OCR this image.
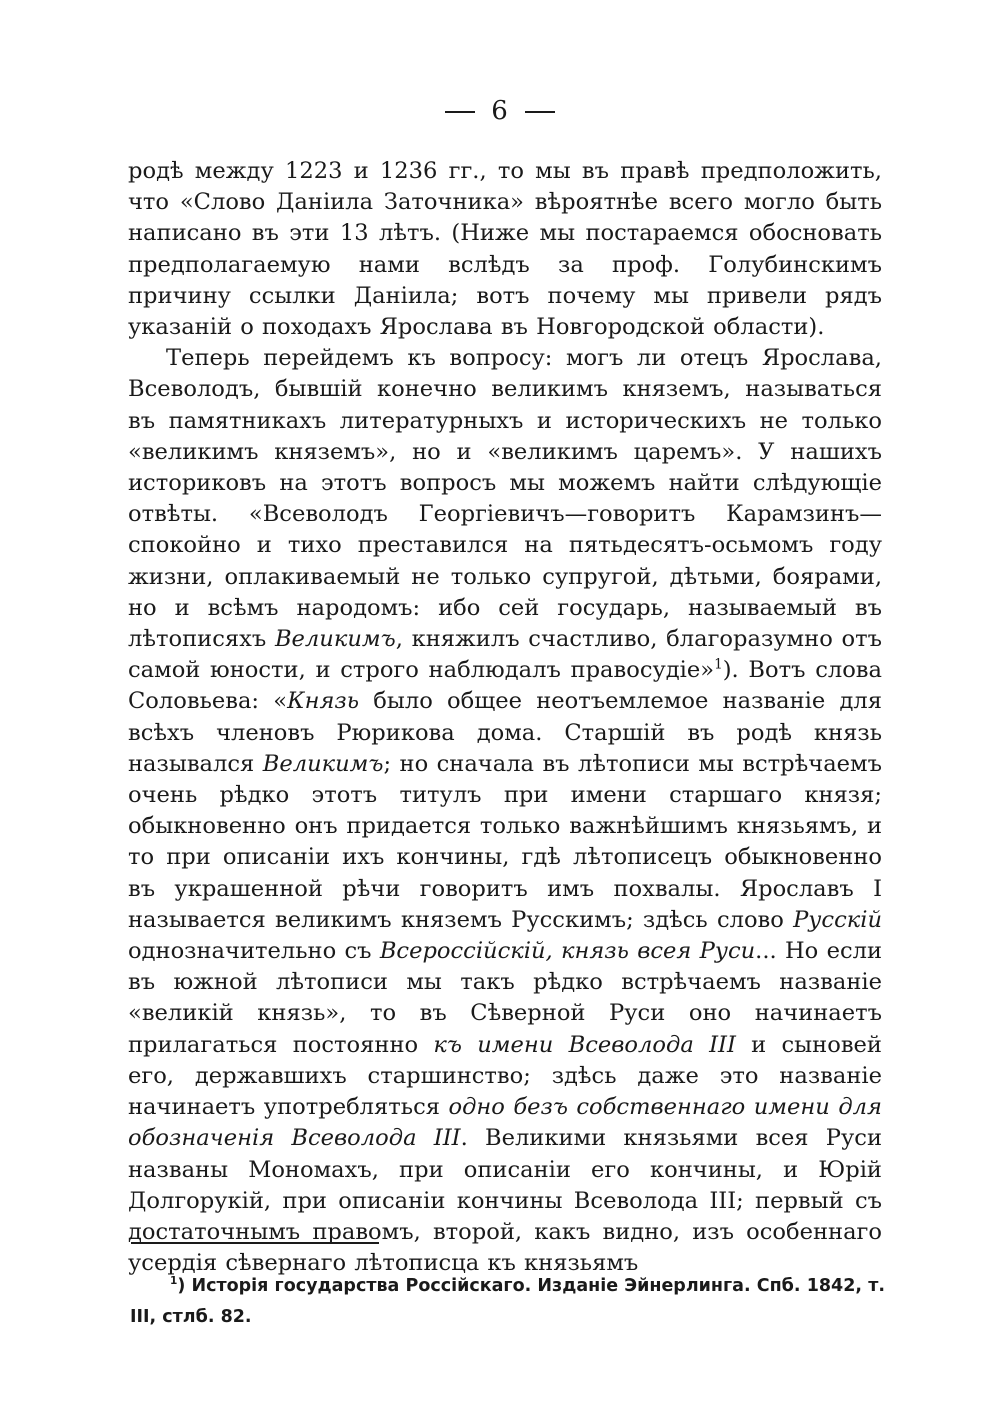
6

родѣ между 1223 и 1236 гг., то мы въ правѣ предположить, что «Слово Даніила Заточника» вѣроятнѣе всего могло быть написано въ эти 13 лѣтъ. (Ниже мы постараемся обосновать предполагаемую нами вслѣдъ за проф. Голубинскимъ причину ссылки Даніила; вотъ почему мы привели рядъ указаній о походахъ Ярослава въ Новгородской области).

Теперь перейдемъ къ вопросу: могъ ли отецъ Ярослава, Всеволодъ, бывшій конечно великимъ княземъ, называться въ памятникахъ литературныхъ и историческихъ не только «великимъ княземъ», но и «великимъ царемъ». У нашихъ историковъ на этотъ вопросъ мы можемъ найти слѣдующіе отвѣты. «Всеволодъ Георгіевичъ—говоритъ Карамзинъ—спокойно и тихо преставился на пятьдесятъ-осьмомъ году жизни, оплакиваемый не только супругой, дѣтьми, боярами, но и всѣмъ народомъ: ибо сей государь, называемый въ лѣтописяхъ Великимъ, княжилъ счастливо, благоразумно отъ самой юности, и строго наблюдалъ правосудіе»$^1$). Вотъ слова Соловьева: «Князь было общее неотъемлемое названіе для всѣхъ членовъ Рюрикова дома. Старшій въ родѣ князь назывался Великимъ; но сначала въ лѣтописи мы встрѣчаемъ очень рѣдко этотъ титулъ при имени старшаго князя; обыкновенно онъ придается только важнѣйшимъ князьямъ, и то при описаніи ихъ кончины, гдѣ лѣтописецъ обыкновенно въ украшенной рѣчи говоритъ имъ похвалы. Ярославъ I называется великимъ княземъ Русскимъ; здѣсь слово Русскій однозначительно съ Всероссійскій, князь всея Руси... Но если въ южной лѣтописи мы такъ рѣдко встрѣчаемъ названіе «великій князь», то въ Сѣверной Руси оно начинаетъ прилагаться постоянно къ имени Всеволода III и сыновей его, державшихъ старшинство; здѣсь даже это названіе начинаетъ употребляться одно безъ собственнаго имени для обозначенія Всеволода III. Великими князьями всея Руси названы Мономахъ, при описаніи его кончины, и Юрій Долгорукій, при описаніи кончины Всеволода III; первый съ достаточнымъ правомъ, второй, какъ видно, изъ особеннаго усердія сѣвернаго лѣтописца къ князьямъ

$^1$) Исторія государства Россійскаго. Изданіе Эйнерлинга. Спб. 1842, т. III, стлб. 82.
